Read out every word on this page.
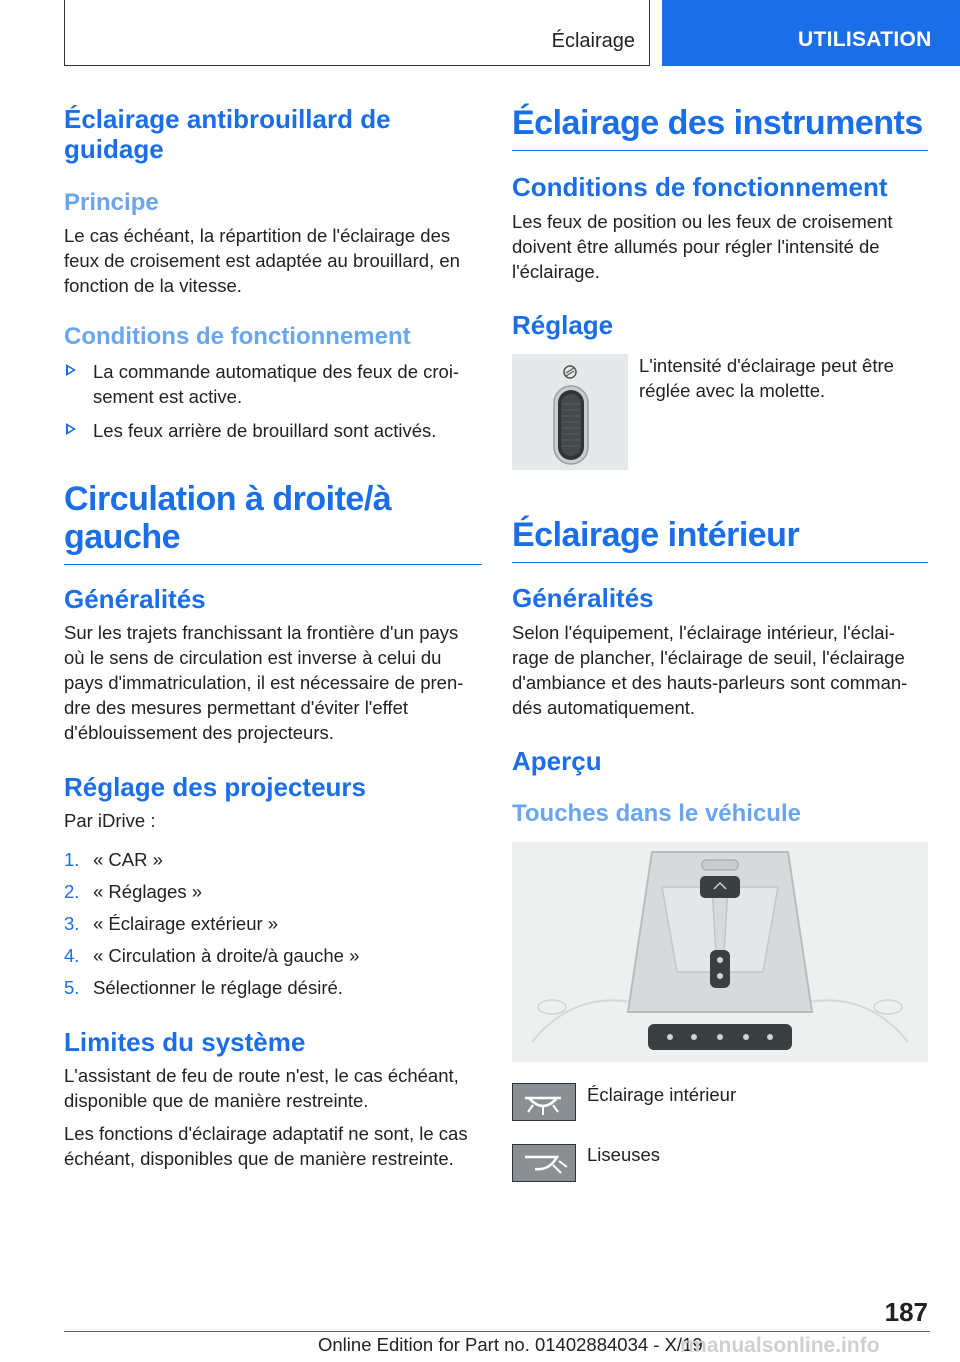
Éclairage	UTILISATION
Éclairage antibrouillard de guidage
Principe
Le cas échéant, la répartition de l'éclairage des feux de croisement est adaptée au brouillard, en fonction de la vitesse.
Conditions de fonctionnement
La commande automatique des feux de croi-sement est active.
Les feux arrière de brouillard sont activés.
Circulation à droite/à gauche
Généralités
Sur les trajets franchissant la frontière d'un pays où le sens de circulation est inverse à celui du pays d'immatriculation, il est nécessaire de pren-dre des mesures permettant d'éviter l'effet d'éblouissement des projecteurs.
Réglage des projecteurs
Par iDrive :
1. « CAR »
2. « Réglages »
3. « Éclairage extérieur »
4. « Circulation à droite/à gauche »
5. Sélectionner le réglage désiré.
Limites du système
L'assistant de feu de route n'est, le cas échéant, disponible que de manière restreinte.
Les fonctions d'éclairage adaptatif ne sont, le cas échéant, disponibles que de manière restreinte.
Éclairage des instruments
Conditions de fonctionnement
Les feux de position ou les feux de croisement doivent être allumés pour régler l'intensité de l'éclairage.
Réglage
L'intensité d'éclairage peut être réglée avec la molette.
Éclairage intérieur
Généralités
Selon l'équipement, l'éclairage intérieur, l'éclai-rage de plancher, l'éclairage de seuil, l'éclairage d'ambiance et des hauts-parleurs sont comman-dés automatiquement.
Aperçu
Touches dans le véhicule
Éclairage intérieur
Liseuses
187
Online Edition for Part no. 01402884034 - X/19
rmanualsonline.info
